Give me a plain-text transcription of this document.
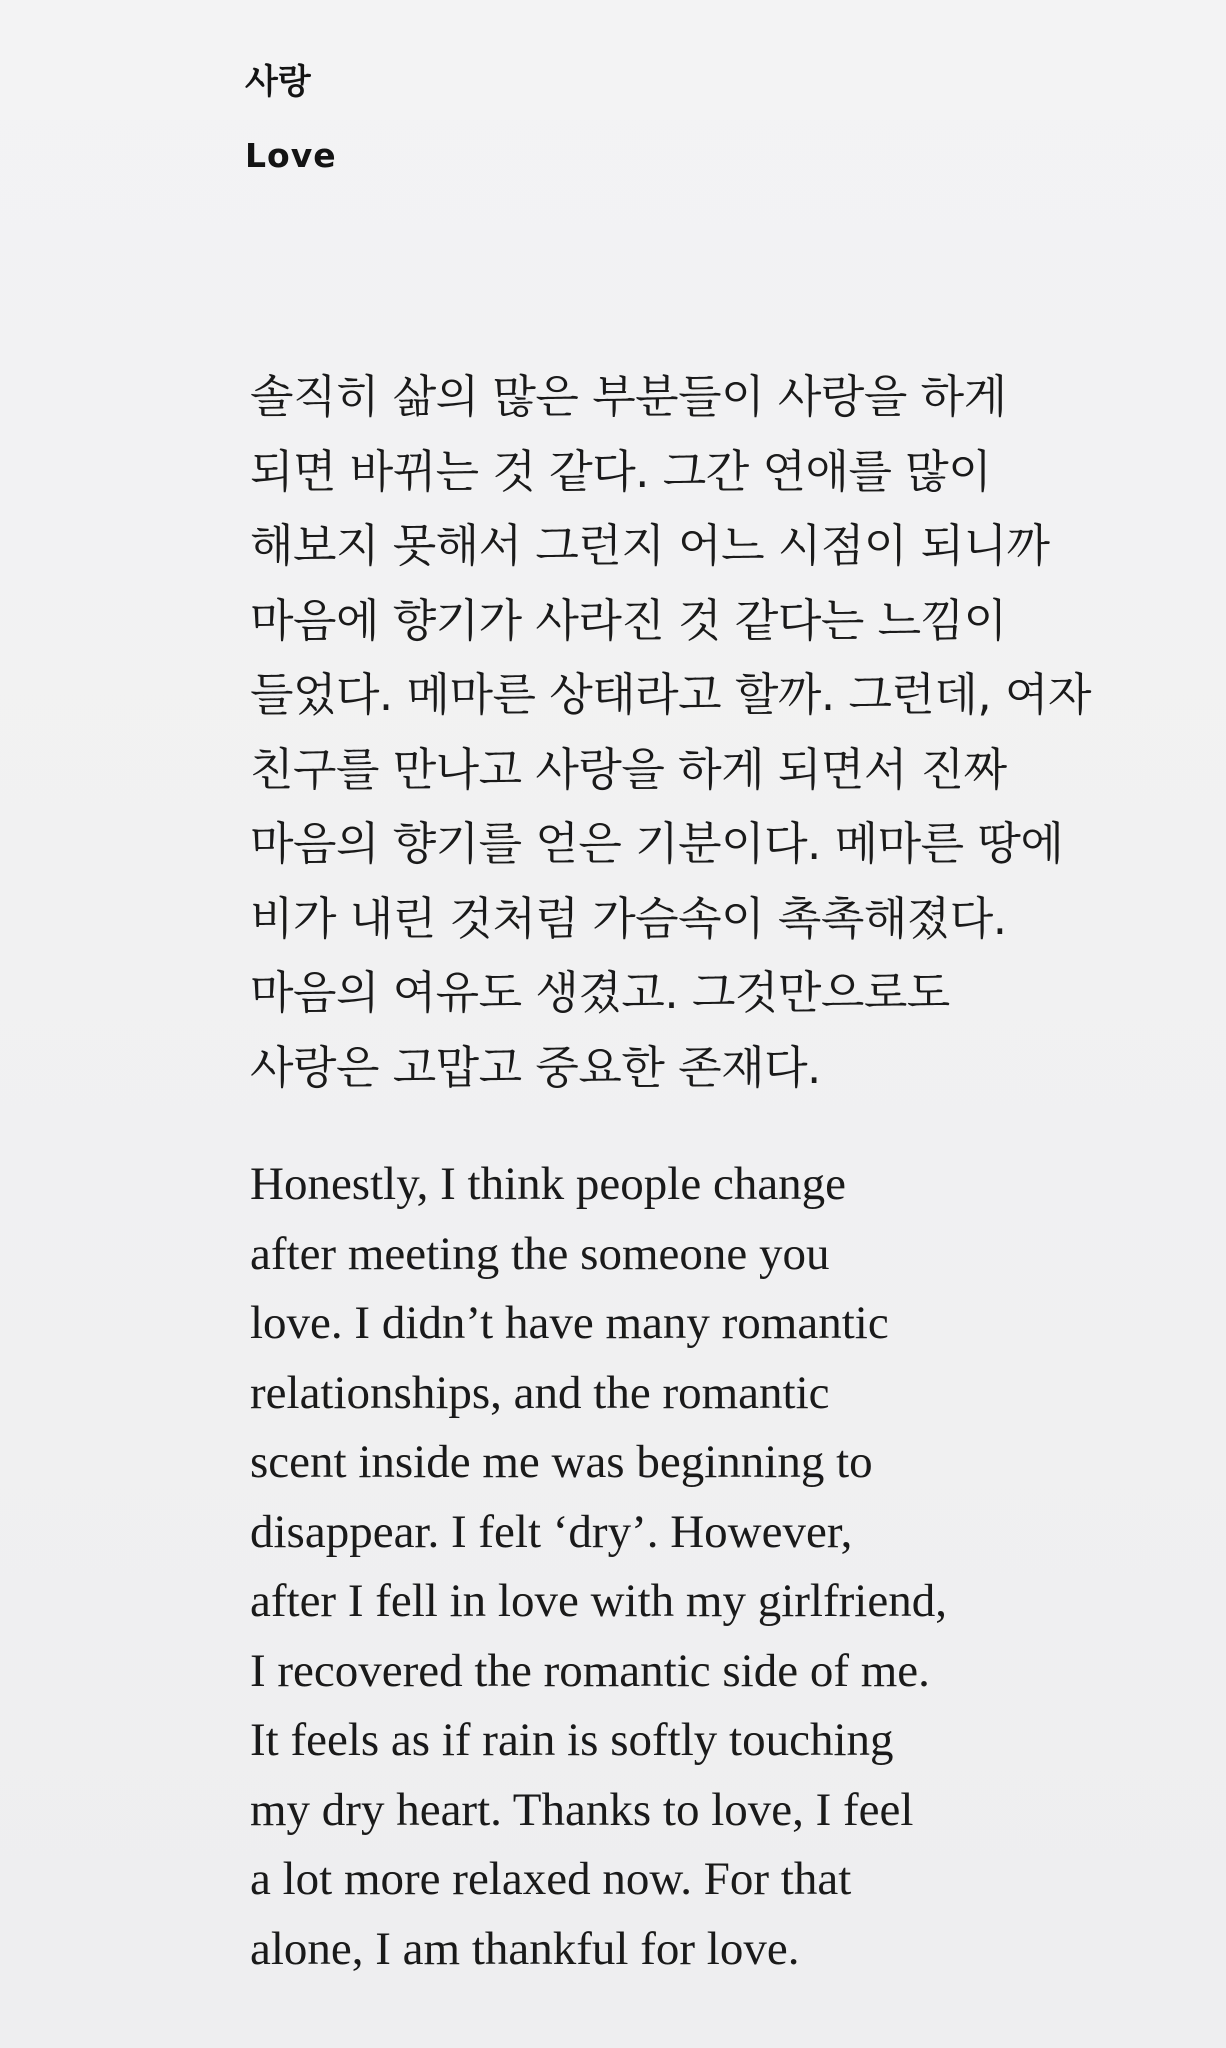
사랑
Love
솔직히 삶의 많은 부분들이 사랑을 하게
되면 바뀌는 것 같다. 그간 연애를 많이
해보지 못해서 그런지 어느 시점이 되니까
마음에 향기가 사라진 것 같다는 느낌이
들었다. 메마른 상태라고 할까. 그런데, 여자
친구를 만나고 사랑을 하게 되면서 진짜
마음의 향기를 얻은 기분이다. 메마른 땅에
비가 내린 것처럼 가슴속이 촉촉해졌다.
마음의 여유도 생겼고. 그것만으로도
사랑은 고맙고 중요한 존재다.
Honestly, I think people change
after meeting the someone you
love. I didn’t have many romantic
relationships, and the romantic
scent inside me was beginning to
disappear. I felt ‘dry’. However,
after I fell in love with my girlfriend,
I recovered the romantic side of me.
It feels as if rain is softly touching
my dry heart. Thanks to love, I feel
a lot more relaxed now. For that
alone, I am thankful for love.
